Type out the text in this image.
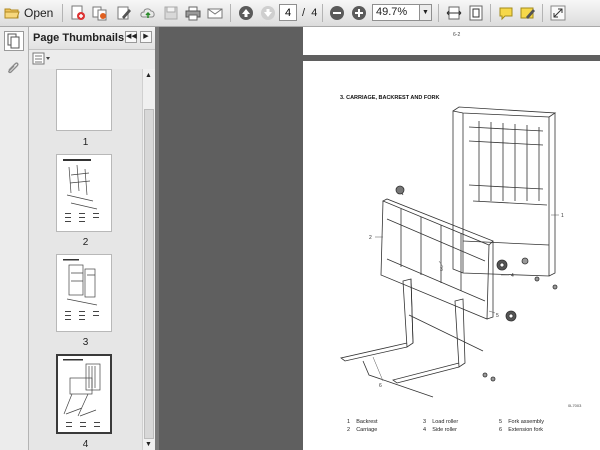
Open
4	/ 4	49.7%	▼
Page Thumbnails ◀◀ ▶
1
2
3
4
▲
▼
6-2
3. CARRIAGE, BACKREST AND FORK
1
2
3
4
5
6
0L7003
1 Backrest
2 Carriage
3 Load roller
4 Side roller
5 Fork assembly
6 Extension fork
